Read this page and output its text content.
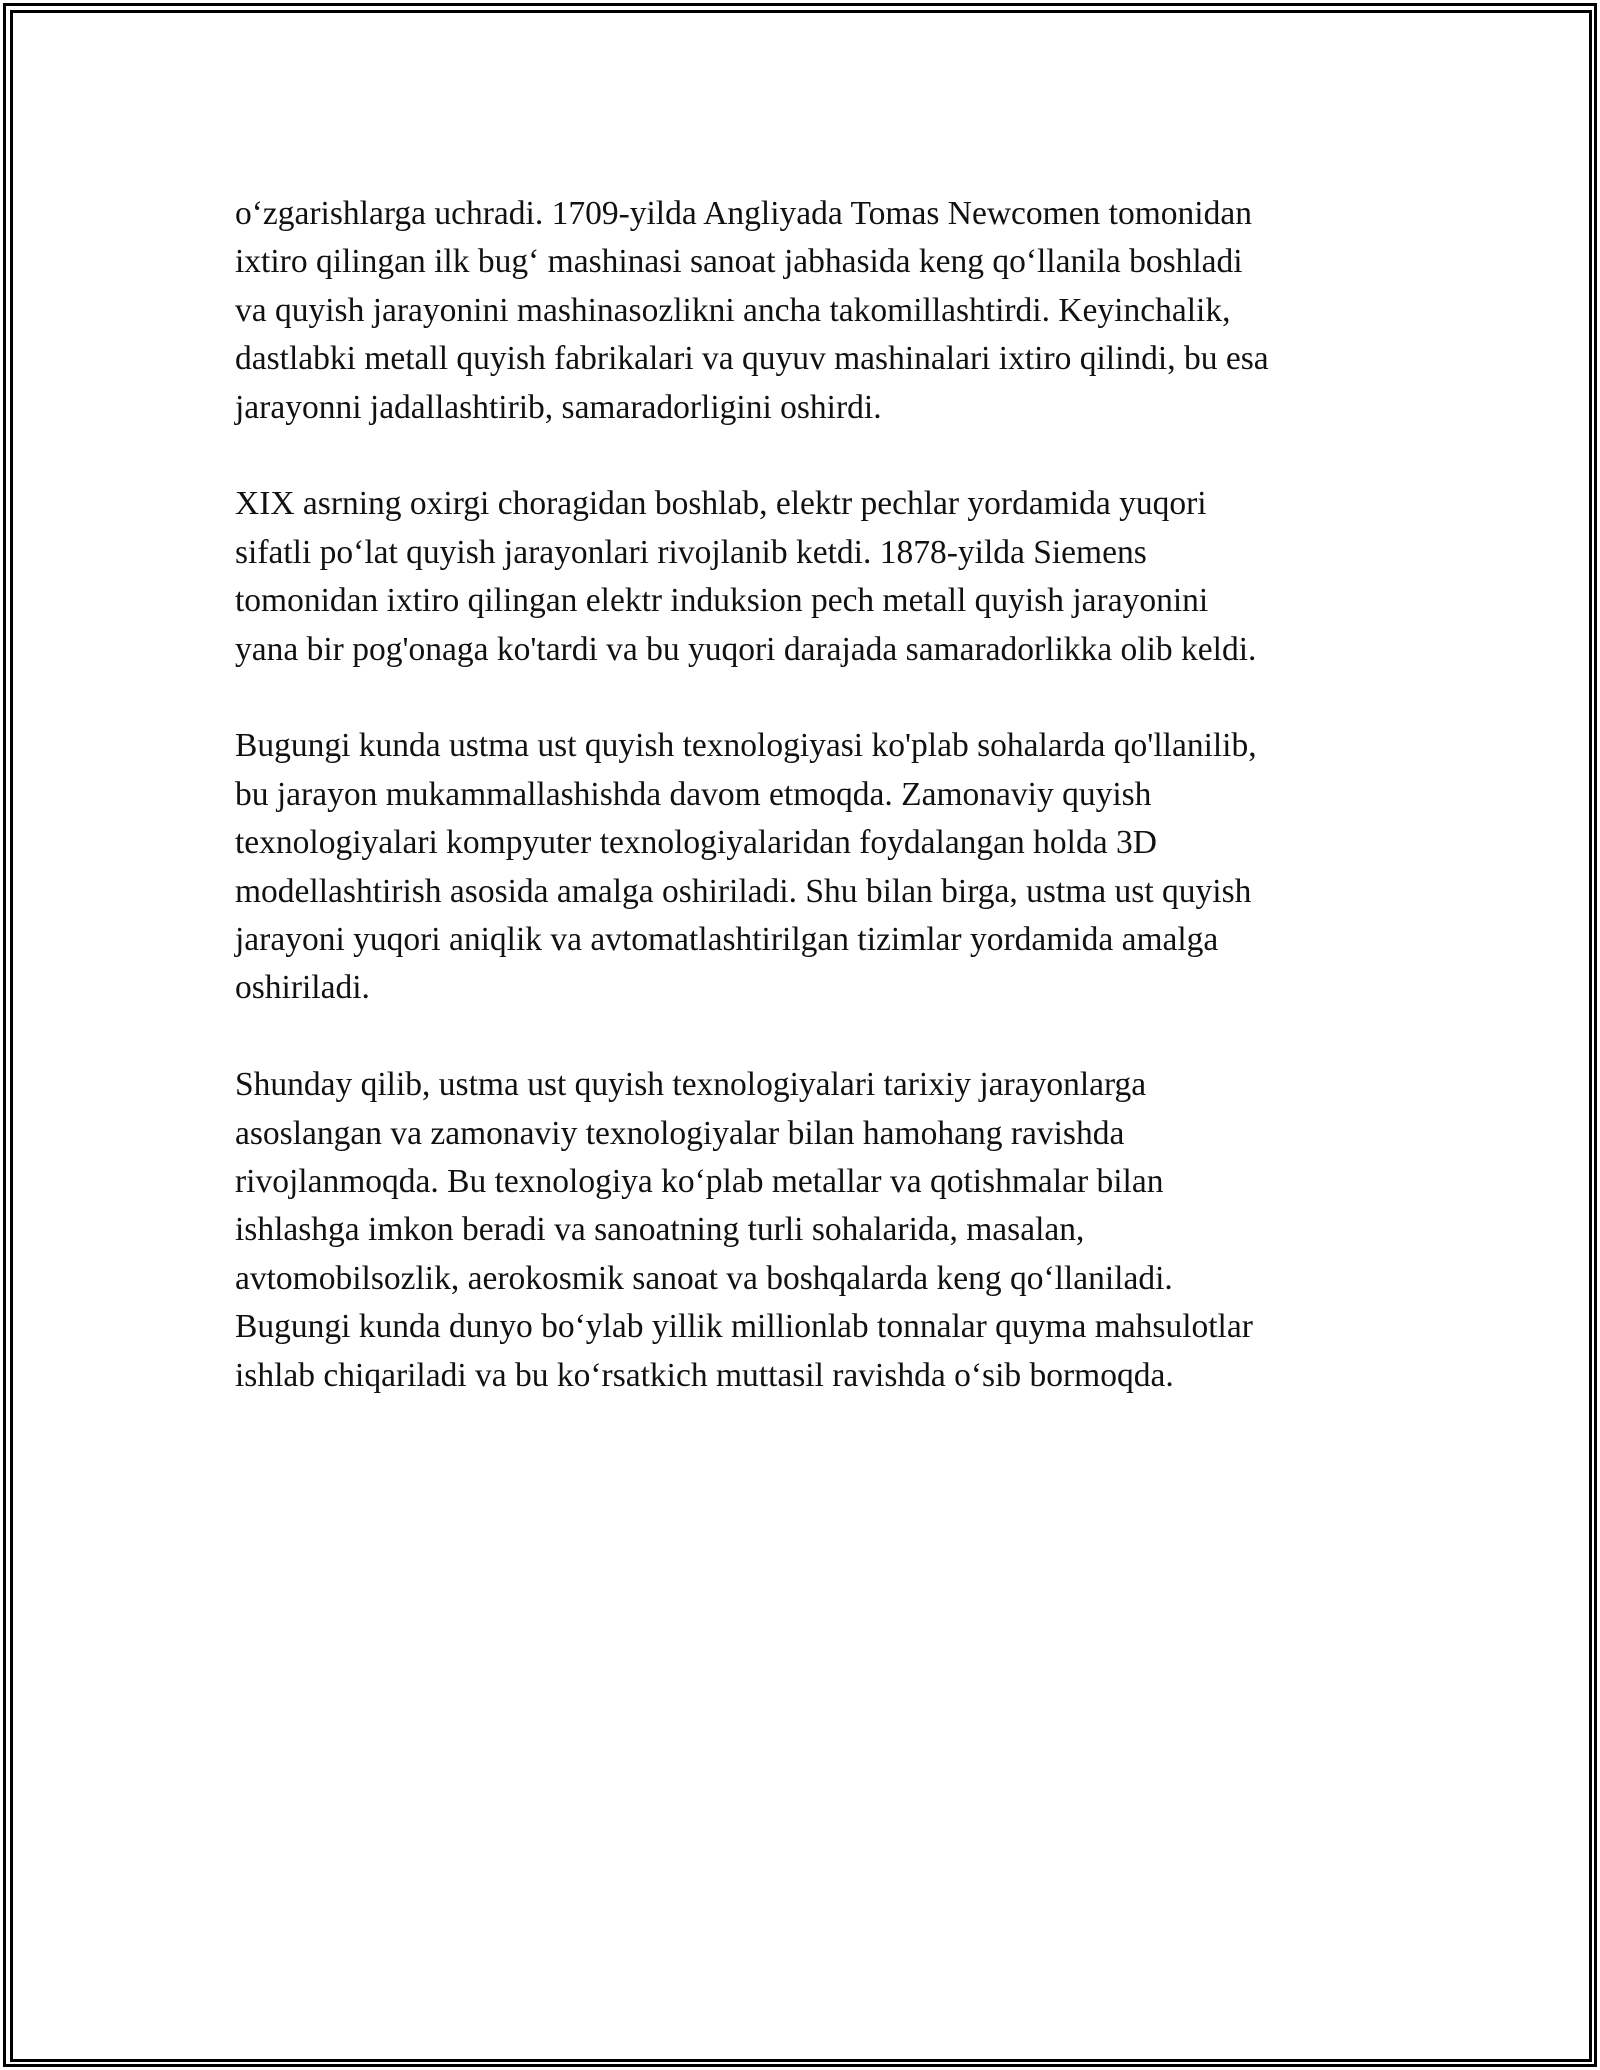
o‘zgarishlarga uchradi. 1709-yilda Angliyada Tomas Newcomen tomonidan
ixtiro qilingan ilk bug‘ mashinasi sanoat jabhasida keng qo‘llanila boshladi
va quyish jarayonini mashinasozlikni ancha takomillashtirdi. Keyinchalik,
dastlabki metall quyish fabrikalari va quyuv mashinalari ixtiro qilindi, bu esa
jarayonni jadallashtirib, samaradorligini oshirdi.

XIX asrning oxirgi choragidan boshlab, elektr pechlar yordamida yuqori
sifatli po‘lat quyish jarayonlari rivojlanib ketdi. 1878-yilda Siemens
tomonidan ixtiro qilingan elektr induksion pech metall quyish jarayonini
yana bir pog'onaga ko'tardi va bu yuqori darajada samaradorlikka olib keldi.

Bugungi kunda ustma ust quyish texnologiyasi ko'plab sohalarda qo'llanilib,
bu jarayon mukammallashishda davom etmoqda. Zamonaviy quyish
texnologiyalari kompyuter texnologiyalaridan foydalangan holda 3D
modellashtirish asosida amalga oshiriladi. Shu bilan birga, ustma ust quyish
jarayoni yuqori aniqlik va avtomatlashtirilgan tizimlar yordamida amalga
oshiriladi.

Shunday qilib, ustma ust quyish texnologiyalari tarixiy jarayonlarga
asoslangan va zamonaviy texnologiyalar bilan hamohang ravishda
rivojlanmoqda. Bu texnologiya ko‘plab metallar va qotishmalar bilan
ishlashga imkon beradi va sanoatning turli sohalarida, masalan,
avtomobilsozlik, aerokosmik sanoat va boshqalarda keng qo‘llaniladi.
Bugungi kunda dunyo bo‘ylab yillik millionlab tonnalar quyma mahsulotlar
ishlab chiqariladi va bu ko‘rsatkich muttasil ravishda o‘sib bormoqda.
